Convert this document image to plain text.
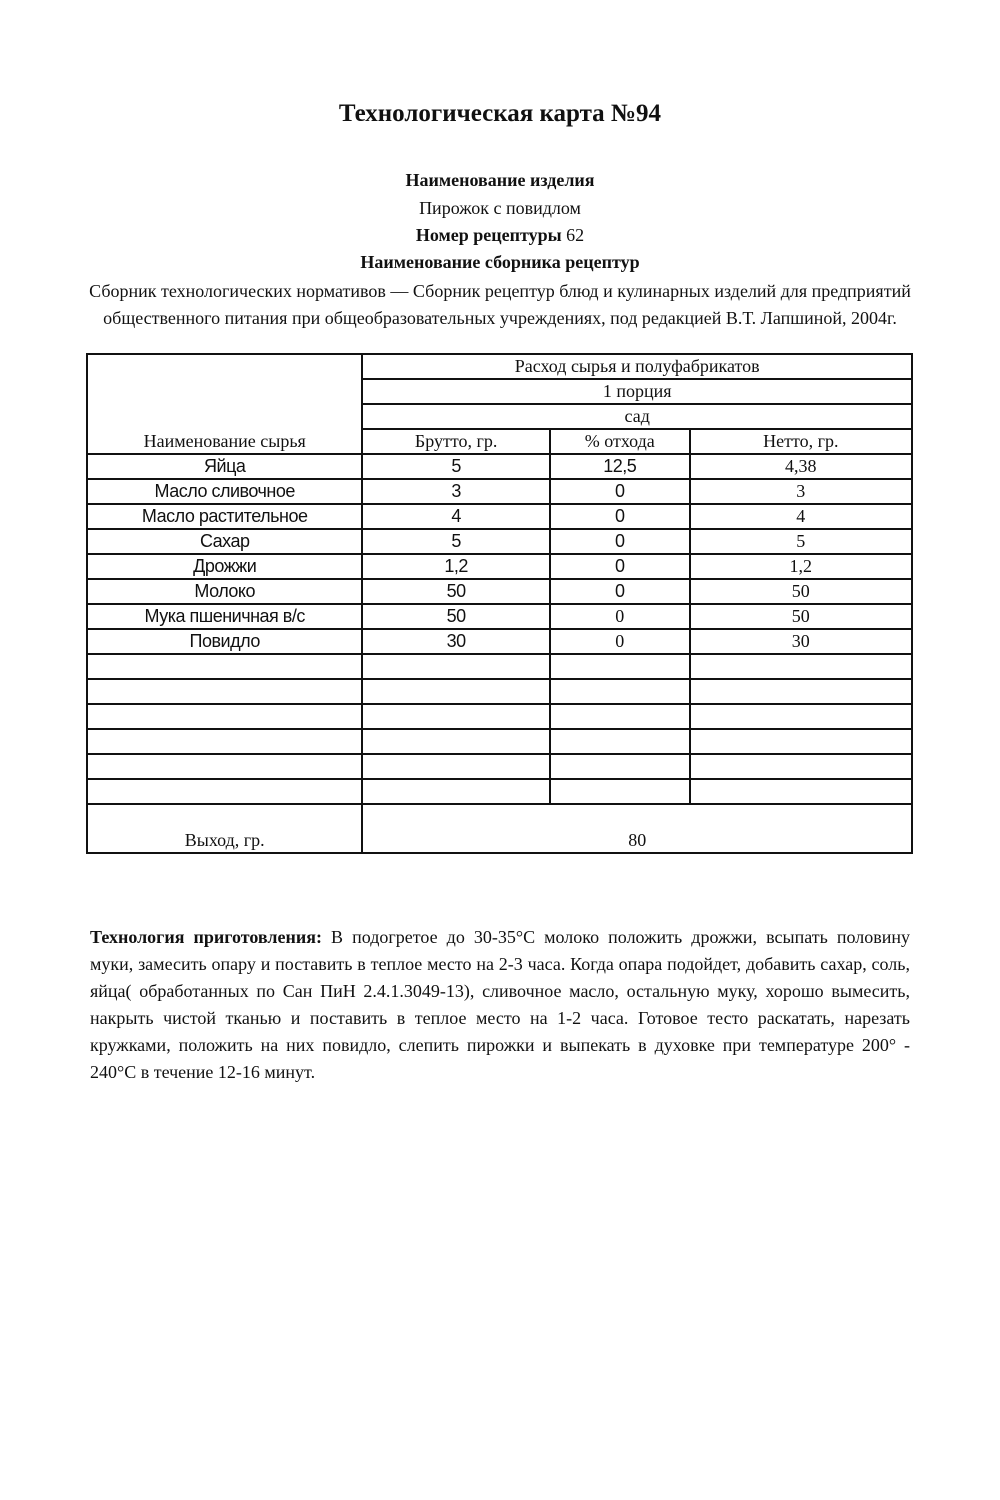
Технологическая карта №94
Наименование изделия
Пирожок с повидлом
Номер рецептуры 62
Наименование сборника рецептур
Сборник технологических нормативов — Сборник рецептур блюд и кулинарных изделий для предприятий общественного питания при общеобразовательных учреждениях, под редакцией В.Т. Лапшиной, 2004г.
Наименование сырья	Расход сырья и полуфабрикатов		
	1 порция		
	сад		
	Брутто, гр.	% отхода	Нетто, гр.
Яйца	5	12,5	4,38
Масло сливочное	3	0	3
Масло растительное	4	0	4
Сахар	5	0	5
Дрожжи	1,2	0	1,2
Молоко	50	0	50
Мука пшеничная в/с	50	0	50
Повидло	30	0	30

Выход, гр.	80		
Технология приготовления: В подогретое до 30-35°С молоко положить дрожжи, всыпать половину муки, замесить опару и поставить в теплое место на 2-3 часа. Когда опара подойдет, добавить сахар, соль, яйца( обработанных по Сан ПиН 2.4.1.3049-13), сливочное масло, остальную муку, хорошо вымесить, накрыть чистой тканью и поставить в теплое место на 1-2 часа. Готовое тесто раскатать, нарезать кружками, положить на них повидло, слепить пирожки и выпекать в духовке при температуре 200° - 240°С в течение 12-16 минут.
